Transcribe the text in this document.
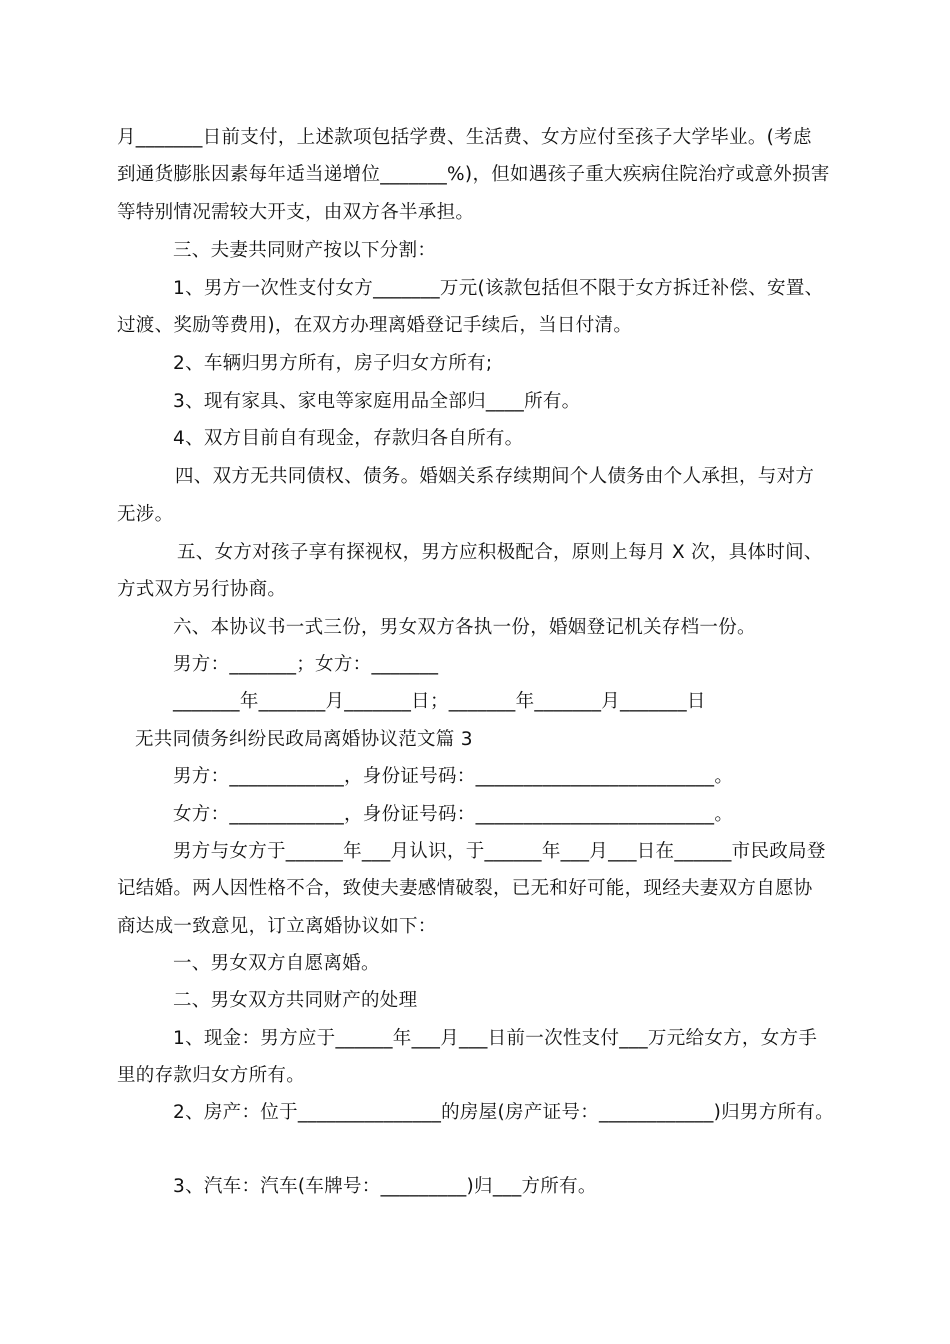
月_______日前支付，上述款项包括学费、生活费、女方应付至孩子大学毕业。(考虑
到通货膨胀因素每年适当递增位_______%)，但如遇孩子重大疾病住院治疗或意外损害
等特别情况需较大开支，由双方各半承担。
三、夫妻共同财产按以下分割：
1、男方一次性支付女方_______万元(该款包括但不限于女方拆迁补偿、安置、
过渡、奖励等费用)，在双方办理离婚登记手续后，当日付清。
2、车辆归男方所有，房子归女方所有;
3、现有家具、家电等家庭用品全部归____所有。
4、双方目前自有现金，存款归各自所有。
四、双方无共同债权、债务。婚姻关系存续期间个人债务由个人承担，与对方
无涉。
五、女方对孩子享有探视权，男方应积极配合，原则上每月 X 次，具体时间、
方式双方另行协商。
六、本协议书一式三份，男女双方各执一份，婚姻登记机关存档一份。
男方：_______；女方：_______
_______年_______月_______日；_______年_______月_______日
无共同债务纠纷民政局离婚协议范文篇 3
男方：____________，身份证号码：_________________________。
女方：____________，身份证号码：_________________________。
男方与女方于______年___月认识，于______年___月___日在______市民政局登
记结婚。两人因性格不合，致使夫妻感情破裂，已无和好可能，现经夫妻双方自愿协
商达成一致意见，订立离婚协议如下：
一、男女双方自愿离婚。
二、男女双方共同财产的处理
1、现金：男方应于______年___月___日前一次性支付___万元给女方，女方手
里的存款归女方所有。
2、房产：位于_______________的房屋(房产证号：____________)归男方所有。
3、汽车：汽车(车牌号：_________)归___方所有。
